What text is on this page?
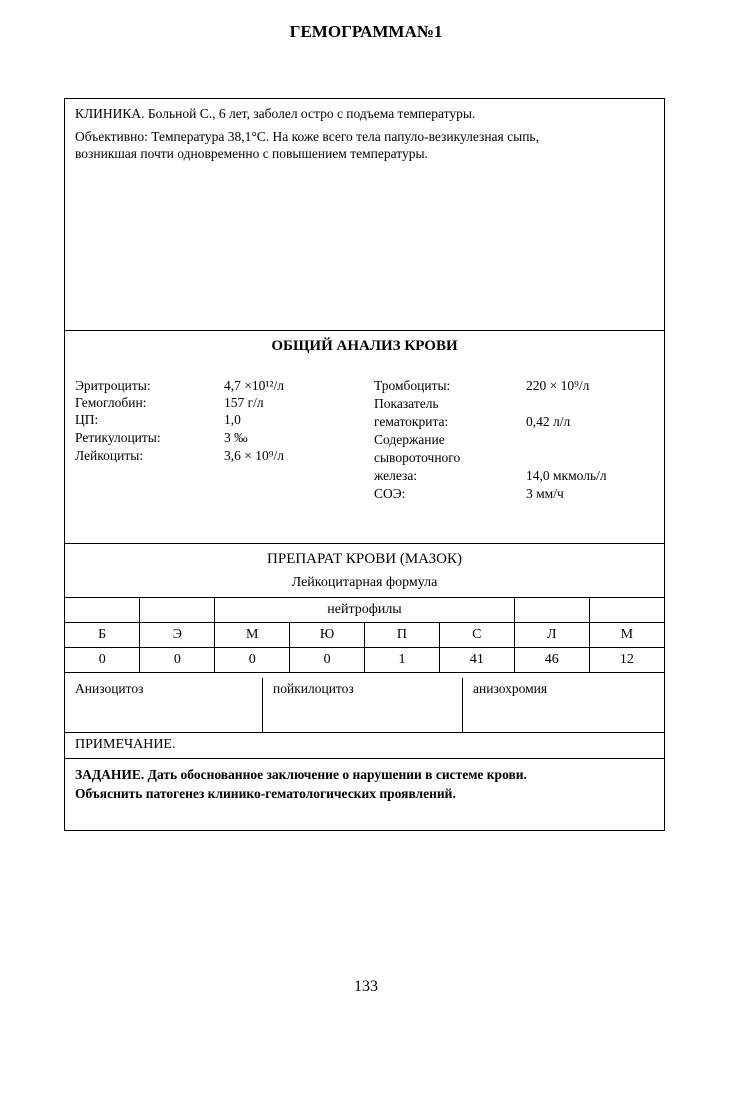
ГЕМОГРАММА№1

КЛИНИКА. Больной С., 6 лет, заболел остро с подъема температуры.

Объективно: Температура 38,1°С. На коже всего тела папуло-везикулезная сыпь,

возникшая почти одновременно с повышением температуры.

ОБЩИЙ АНАЛИЗ КРОВИ
Эритроциты:	4,7 ×10¹²/л
Гемоглобин:	157 г/л
ЦП:	1,0
Ретикулоциты:	3 ‰
Лейкоциты:	3,6 × 10⁹/л
Тромбоциты:	220 × 10⁹/л
Показатель
гематокрита:	0,42 л/л
Содержание
сывороточного
железа:	14,0 мкмоль/л
СОЭ:	3 мм/ч
ПРЕПАРАТ КРОВИ (МАЗОК)
Лейкоцитарная формула
		нейтрофилы					
Б	Э	М	Ю	П	С	Л	М
0	0	0	0	1	41	46	12
Анизоцитоз	пойкилоцитоз	анизохромия
ПРИМЕЧАНИЕ.
ЗАДАНИЕ. Дать обоснованное заключение о нарушении в системе крови.
Объяснить патогенез клинико-гематологических проявлений.
133
